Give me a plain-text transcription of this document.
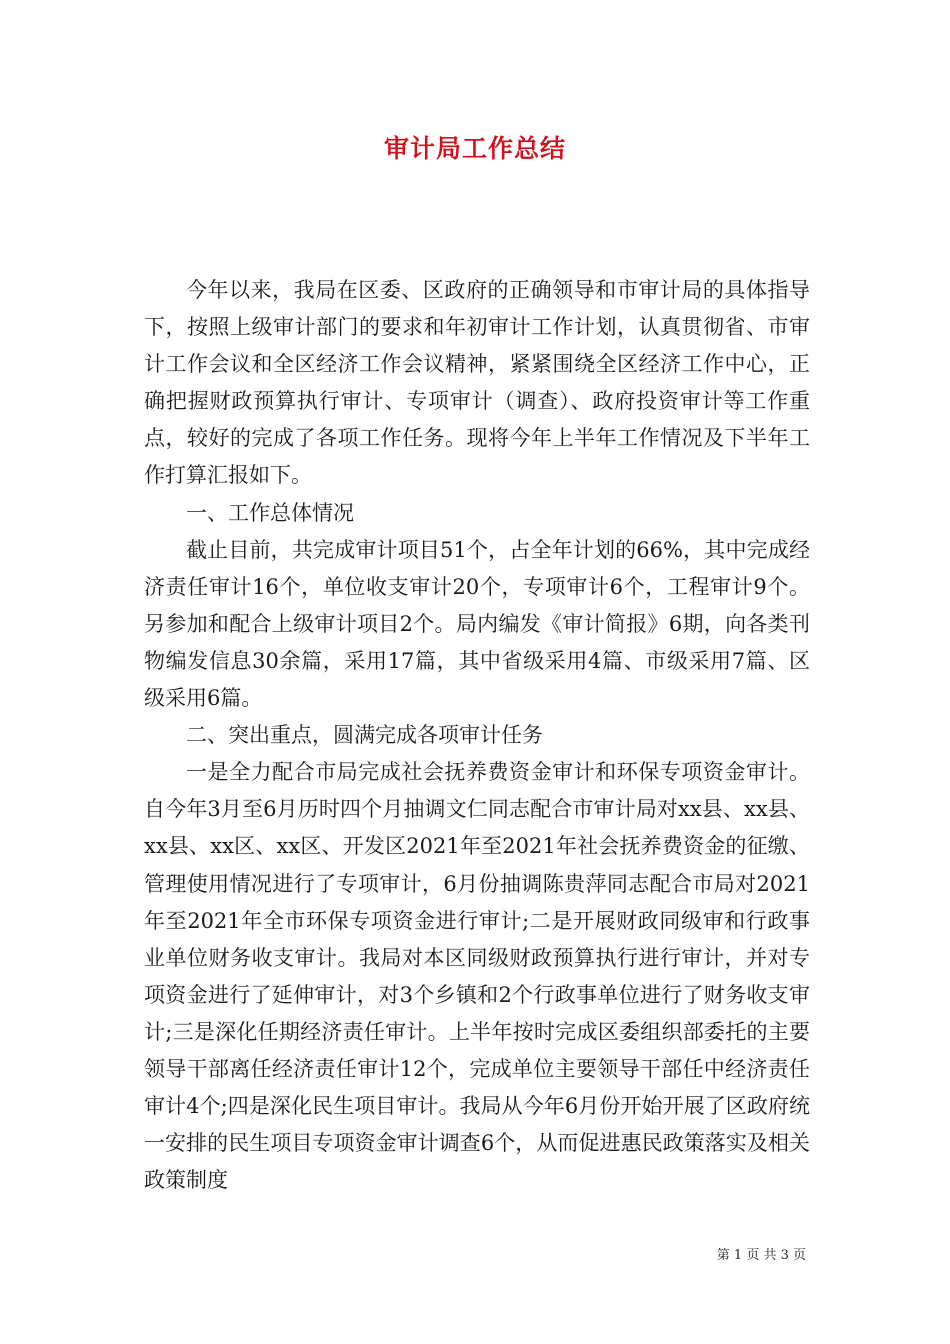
审计局工作总结

今年以来，我局在区委、区政府的正确领导和市审计局的具体指导下，按照上级审计部门的要求和年初审计工作计划，认真贯彻省、市审计工作会议和全区经济工作会议精神，紧紧围绕全区经济工作中心，正确把握财政预算执行审计、专项审计（调查）、政府投资审计等工作重点，较好的完成了各项工作任务。现将今年上半年工作情况及下半年工作打算汇报如下。

一、工作总体情况

截止目前，共完成审计项目51个，占全年计划的66%，其中完成经济责任审计16个，单位收支审计20个，专项审计6个，工程审计9个。另参加和配合上级审计项目2个。局内编发《审计简报》6期，向各类刊物编发信息30余篇，采用17篇，其中省级采用4篇、市级采用7篇、区级采用6篇。

二、突出重点，圆满完成各项审计任务

一是全力配合市局完成社会抚养费资金审计和环保专项资金审计。自今年3月至6月历时四个月抽调文仁同志配合市审计局对xx县、xx县、xx县、xx区、xx区、开发区2021年至2021年社会抚养费资金的征缴、管理使用情况进行了专项审计，6月份抽调陈贵萍同志配合市局对2021年至2021年全市环保专项资金进行审计;二是开展财政同级审和行政事业单位财务收支审计。我局对本区同级财政预算执行进行审计，并对专项资金进行了延伸审计，对3个乡镇和2个行政事单位进行了财务收支审计;三是深化任期经济责任审计。上半年按时完成区委组织部委托的主要领导干部离任经济责任审计12个，完成单位主要领导干部任中经济责任审计4个;四是深化民生项目审计。我局从今年6月份开始开展了区政府统一安排的民生项目专项资金审计调查6个，从而促进惠民政策落实及相关政策制度

第 1 页 共 3 页
